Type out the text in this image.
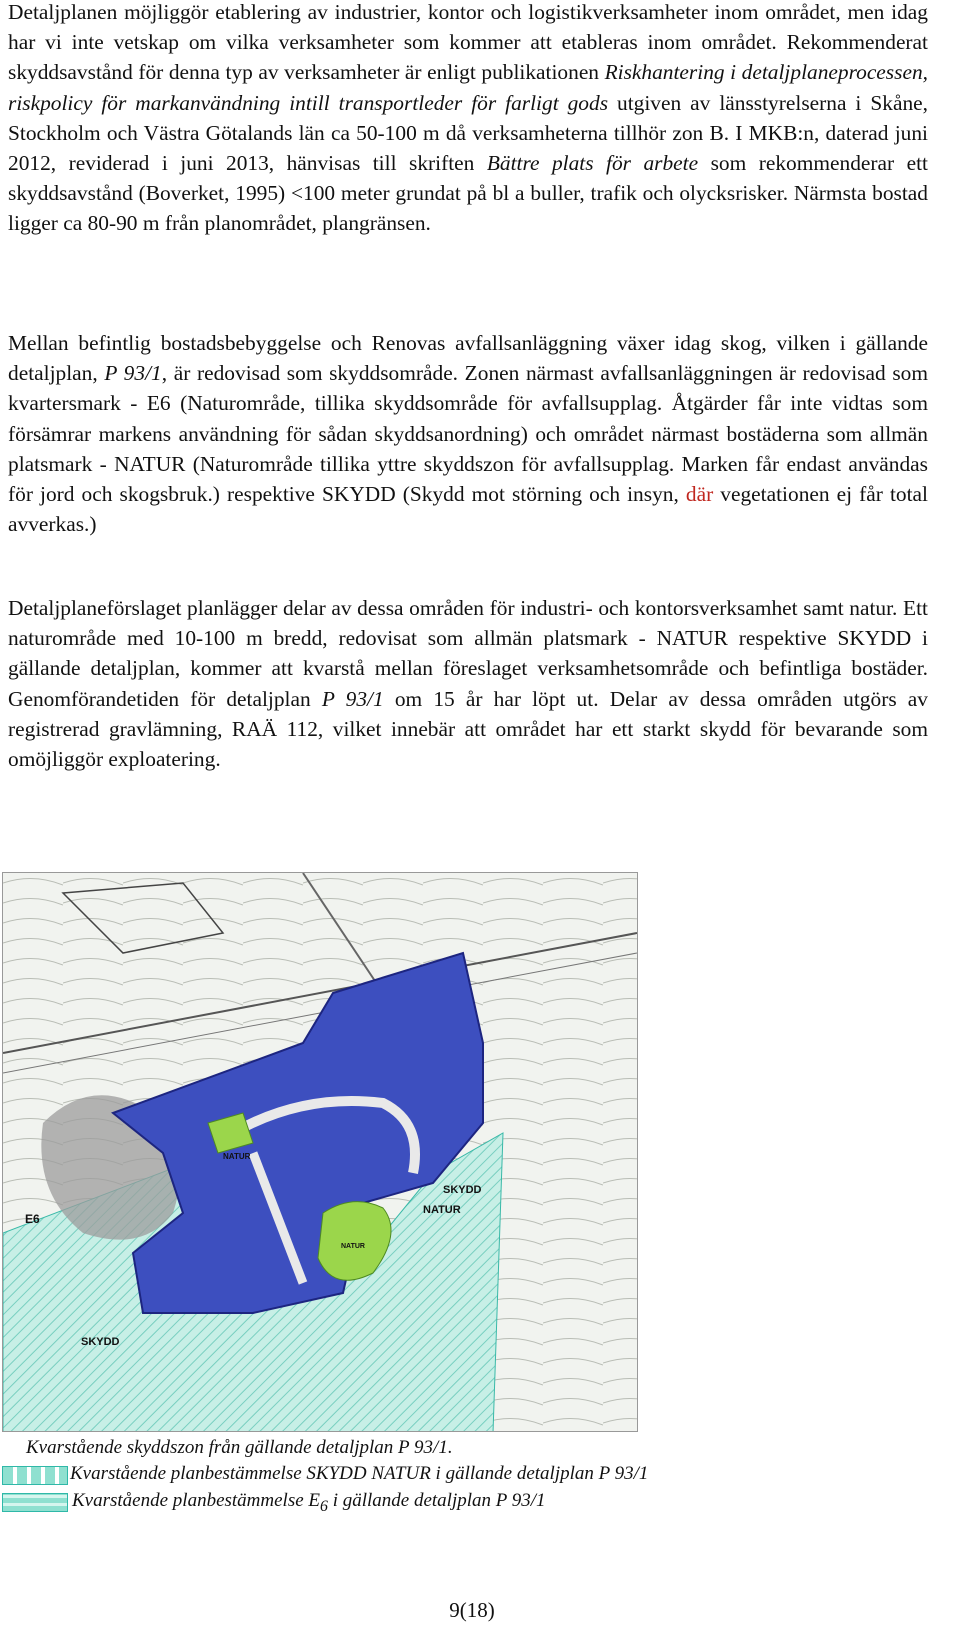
Detaljplanen möjliggör etablering av industrier, kontor och logistikverksamheter inom området, men idag har vi inte vetskap om vilka verksamheter som kommer att etableras inom området. Rekommenderat skyddsavstånd för denna typ av verksamheter är enligt publikationen Riskhantering i detaljplaneprocessen, riskpolicy för markanvändning intill transportleder för farligt gods utgiven av länsstyrelserna i Skåne, Stockholm och Västra Götalands län ca 50-100 m då verksamheterna tillhör zon B. I MKB:n, daterad juni 2012, reviderad i juni 2013, hänvisas till skriften Bättre plats för arbete som rekommenderar ett skyddsavstånd (Boverket, 1995) <100 meter grundat på bl a buller, trafik och olycksrisker. Närmsta bostad ligger ca 80-90 m från planområdet, plangränsen.

Mellan befintlig bostadsbebyggelse och Renovas avfallsanläggning växer idag skog, vilken i gällande detaljplan, P 93/1, är redovisad som skyddsområde. Zonen närmast avfallsanläggningen är redovisad som kvartersmark - E6 (Naturområde, tillika skyddsområde för avfallsupplag. Åtgärder får inte vidtas som försämrar markens användning för sådan skyddsanordning) och området närmast bostäderna som allmän platsmark - NATUR (Naturområde tillika yttre skyddszon för avfallsupplag. Marken får endast användas för jord och skogsbruk.) respektive SKYDD (Skydd mot störning och insyn, där vegetationen ej får total avverkas.)

Detaljplaneförslaget planlägger delar av dessa områden för industri- och kontorsverksamhet samt natur. Ett naturområde med 10-100 m bredd, redovisat som allmän platsmark - NATUR respektive SKYDD i gällande detaljplan, kommer att kvarstå mellan föreslaget verksamhetsområde och befintliga bostäder. Genomförandetiden för detaljplan P 93/1 om 15 år har löpt ut. Delar av dessa områden utgörs av registrerad gravlämning, RAÄ 112, vilket innebär att området har ett starkt skydd för bevarande som omöjliggör exploatering.

SKYDD
SKYDD
NATUR
NATUR
NATUR
E6
Kvarstående skyddszon från gällande detaljplan P 93/1.
Kvarstående planbestämmelse SKYDD NATUR i gällande detaljplan P 93/1
Kvarstående planbestämmelse $E_6$ i gällande detaljplan P 93/1
9(18)
